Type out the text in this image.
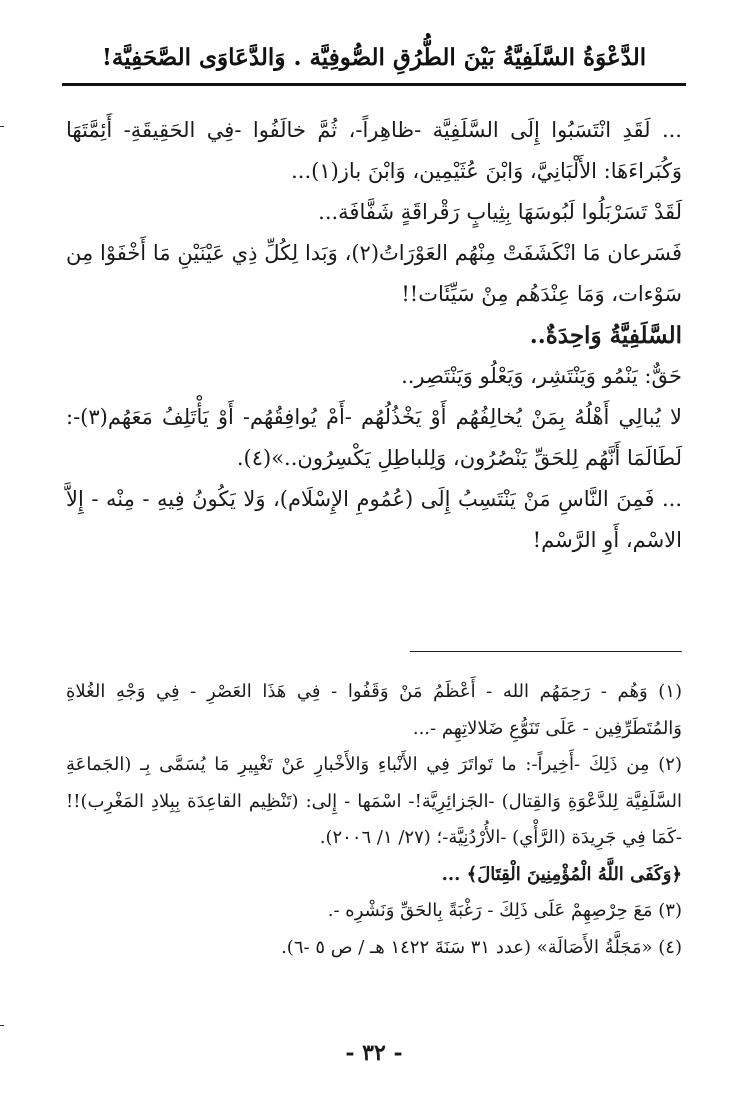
الدَّعْوَةُ السَّلَفِيَّةُ بَيْنَ الطُّرُقِ الصُّوفِيَّة . وَالدَّعَاوَى الصَّحَفِيَّة!

... لَقَدِ انْتَسَبُوا إِلَى السَّلَفِيَّة -ظاهِراً-، ثُمَّ خالَفُوا -فِي الحَقِيقَةِ- أَئِمَّتَهَا وَكُبَراءَهَا: الأَلْبَانِيَّ، وَابْنَ عُثَيْمِين، وَابْنَ باز(١)...

لَقَدْ تَسَرْبَلُوا لَبُوسَهَا بِثِيابٍ رَقْراقَةٍ شَفَّافَة...

فَسَرعان مَا انْكَشَفَتْ مِنْهُم العَوْرَاتُ(٢)، وَبَدا لِكُلِّ ذِي عَيْنَيْنِ مَا أَخْفَوْا مِن سَوْءات، وَمَا عِنْدَهُم مِنْ سَيِّئَات!!

السَّلَفِيَّةُ وَاحِدَةٌ..

حَقٌّ: يَنْمُو وَيَنْتَشِر، وَيَعْلُو وَيَنْتَصِر..

لا يُبالِي أَهْلُهُ بِمَنْ يُخالِفُهُم أَوْ يَخْذُلُهُم -أَمْ يُوافِقُهُم- أَوْ يَأْتَلِفُ مَعَهُم(٣)-: لَطَالَمَا أَنَّهُم لِلحَقِّ يَنْصُرُون، وَلِلباطِلِ يَكْسِرُون..»(٤).

... فَمِنَ النَّاسِ مَنْ يَنْتَسِبُ إِلَى (عُمُومِ الإِسْلَام)، وَلا يَكُونُ فِيهِ - مِنْه - إِلاَّ الاسْم، أَوِ الرَّسْم!

(١) وَهُم - رَحِمَهُم الله - أَعْظَمُ مَنْ وَقَفُوا - فِي هَذَا العَصْرِ - فِي وَجْهِ الغُلاةِ وَالمُتَطَرِّفِين - عَلَى تَنَوُّعِ ضَلالاتِهِم -...

(٢) مِن ذَلِكَ -أَخِيراً-: ما تَواتَرَ فِي الأَنْباءِ وَالأَخْبارِ عَنْ تَغْيِيرِ مَا يُسَمَّى بِـ (الجَماعَةِ السَّلَفِيَّة لِلدَّعْوَةِ وَالقِتال) -الجَزائِرِيَّة!- اسْمَها - إِلى: (تَنْظِيم القاعِدَة بِبِلادِ المَغْرِب)!! -كَمَا فِي جَرِيدَة (الرَّأْي) -الأُرْدُنِيَّة-؛ (٢٧/ ١/ ٢٠٠٦).

﴿وَكَفَى اللَّهُ الْمُؤْمِنِينَ الْقِتَالَ﴾ ...

(٣) مَعَ حِرْصِهِمْ عَلَى ذَلِكَ - رَغْبَةً بِالحَقِّ وَنَشْرِه -.

(٤) «مَجَلَّةُ الأَصَالَة» (عدد ٣١ سَنَةَ ١٤٢٢ هـ / ص ٥ -٦).

- ٣٢ -
